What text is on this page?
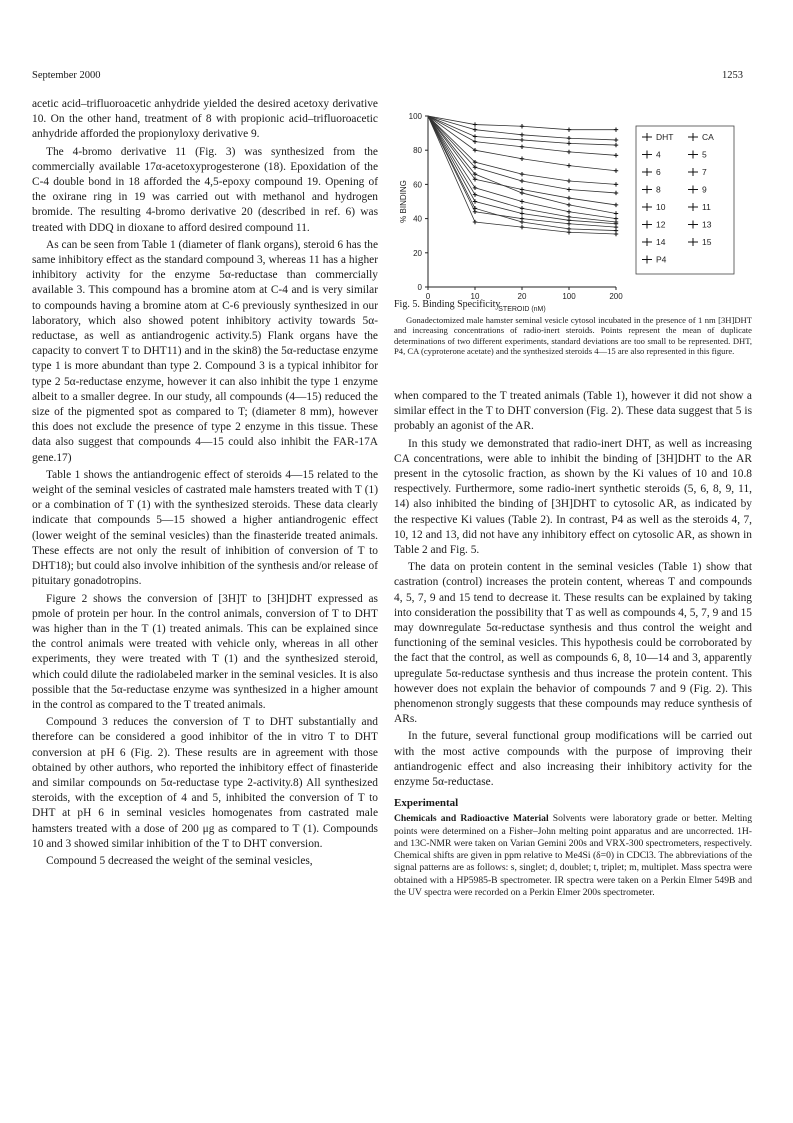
September 2000	1253

acetic acid–trifluoroacetic anhydride yielded the desired acetoxy derivative 10. On the other hand, treatment of 8 with propionic acid–trifluoroacetic anhydride afforded the propionyloxy derivative 9.

The 4-bromo derivative 11 (Fig. 3) was synthesized from the commercially available 17α-acetoxyprogesterone (18). Epoxidation of the C-4 double bond in 18 afforded the 4,5-epoxy compound 19. Opening of the oxirane ring in 19 was carried out with methanol and hydrogen bromide. The resulting 4-bromo derivative 20 (described in ref. 6) was treated with DDQ in dioxane to afford desired compound 11.

As can be seen from Table 1 (diameter of flank organs), steroid 6 has the same inhibitory effect as the standard compound 3, whereas 11 has a higher inhibitory activity for the enzyme 5α-reductase than commercially available 3. This compound has a bromine atom at C-4 and is very similar to compounds having a bromine atom at C-6 previously synthesized in our laboratory, which also showed potent inhibitory activity towards 5α-reductase, as well as antiandrogenic activity.5) Flank organs have the capacity to convert T to DHT11) and in the skin8) the 5α-reductase enzyme type 1 is more abundant than type 2. Compound 3 is a typical inhibitor for type 2 5α-reductase enzyme, however it can also inhibit the type 1 enzyme albeit to a smaller degree. In our study, all compounds (4—15) reduced the size of the pigmented spot as compared to T; (diameter 8 mm), however this does not exclude the presence of type 2 enzyme in this tissue. These data also suggest that compounds 4—15 could also inhibit the FAR-17A gene.17)

Table 1 shows the antiandrogenic effect of steroids 4—15 related to the weight of the seminal vesicles of castrated male hamsters treated with T (1) or a combination of T (1) with the synthesized steroids. These data clearly indicate that compounds 5—15 showed a higher antiandrogenic effect (lower weight of the seminal vesicles) than the finasteride treated animals. These effects are not only the result of inhibition of conversion of T to DHT18); but could also involve inhibition of the synthesis and/or release of pituitary gonadotropins.

Figure 2 shows the conversion of [3H]T to [3H]DHT expressed as pmole of protein per hour. In the control animals, conversion of T to DHT was higher than in the T (1) treated animals. This can be explained since the control animals were treated with vehicle only, whereas in all other experiments, they were treated with T (1) and the synthesized steroid, which could dilute the radiolabeled marker in the seminal vesicles. It is also possible that the 5α-reductase enzyme was synthesized in a higher amount in the control as compared to the T treated animals.

Compound 3 reduces the conversion of T to DHT substantially and therefore can be considered a good inhibitor of the in vitro T to DHT conversion at pH 6 (Fig. 2). These results are in agreement with those obtained by other authors, who reported the inhibitory effect of finasteride and similar compounds on 5α-reductase type 2-activity.8) All synthesized steroids, with the exception of 4 and 5, inhibited the conversion of T to DHT at pH 6 in seminal vesicles homogenates from castrated male hamsters treated with a dose of 200 μg as compared to T (1). Compounds 10 and 3 showed similar inhibition of the T to DHT conversion.

Compound 5 decreased the weight of the seminal vesicles,

0
20
40
60
80
100
0	10	20	100	200
% BINDING
STEROID (nM)
DHT	CA
4	5
6	7
8	9
10	11
12	13
14	15
P4
Fig. 5. Binding Specificity
Gonadectomized male hamster seminal vesicle cytosol incubated in the presence of 1 nm [3H]DHT and increasing concentrations of radio-inert steroids. Points represent the mean of duplicate determinations of two different experiments, standard deviations are too small to be represented. DHT, P4, CA (cyproterone acetate) and the synthesized steroids 4—15 are also represented in this figure.

when compared to the T treated animals (Table 1), however it did not show a similar effect in the T to DHT conversion (Fig. 2). These data suggest that 5 is probably an agonist of the AR.

In this study we demonstrated that radio-inert DHT, as well as increasing CA concentrations, were able to inhibit the binding of [3H]DHT to the AR present in the cytosolic fraction, as shown by the Ki values of 10 and 10.8 respectively. Furthermore, some radio-inert synthetic steroids (5, 6, 8, 9, 11, 14) also inhibited the binding of [3H]DHT to cytosolic AR, as indicated by the respective Ki values (Table 2). In contrast, P4 as well as the steroids 4, 7, 10, 12 and 13, did not have any inhibitory effect on cytosolic AR, as shown in Table 2 and Fig. 5.

The data on protein content in the seminal vesicles (Table 1) show that castration (control) increases the protein content, whereas T and compounds 4, 5, 7, 9 and 15 tend to decrease it. These results can be explained by taking into consideration the possibility that T as well as compounds 4, 5, 7, 9 and 15 may downregulate 5α-reductase synthesis and thus control the weight and functioning of the seminal vesicles. This hypothesis could be corroborated by the fact that the control, as well as compounds 6, 8, 10—14 and 3, apparently upregulate 5α-reductase synthesis and thus increase the protein content. This however does not explain the behavior of compounds 7 and 9 (Fig. 2). This phenomenon strongly suggests that these compounds may reduce synthesis of ARs.

In the future, several functional group modifications will be carried out with the most active compounds with the purpose of improving their antiandrogenic effect and also increasing their inhibitory activity for the enzyme 5α-reductase.

Experimental
Chemicals and Radioactive Material Solvents were laboratory grade or better. Melting points were determined on a Fisher–John melting point apparatus and are uncorrected. 1H- and 13C-NMR were taken on Varian Gemini 200s and VRX-300 spectrometers, respectively. Chemical shifts are given in ppm relative to Me4Si (δ=0) in CDCl3. The abbreviations of the signal patterns are as follows: s, singlet; d, doublet; t, triplet; m, multiplet. Mass spectra were obtained with a HP5985-B spectrometer. IR spectra were taken on a Perkin Elmer 549B and the UV spectra were recorded on a Perkin Elmer 200s spectrometer.
